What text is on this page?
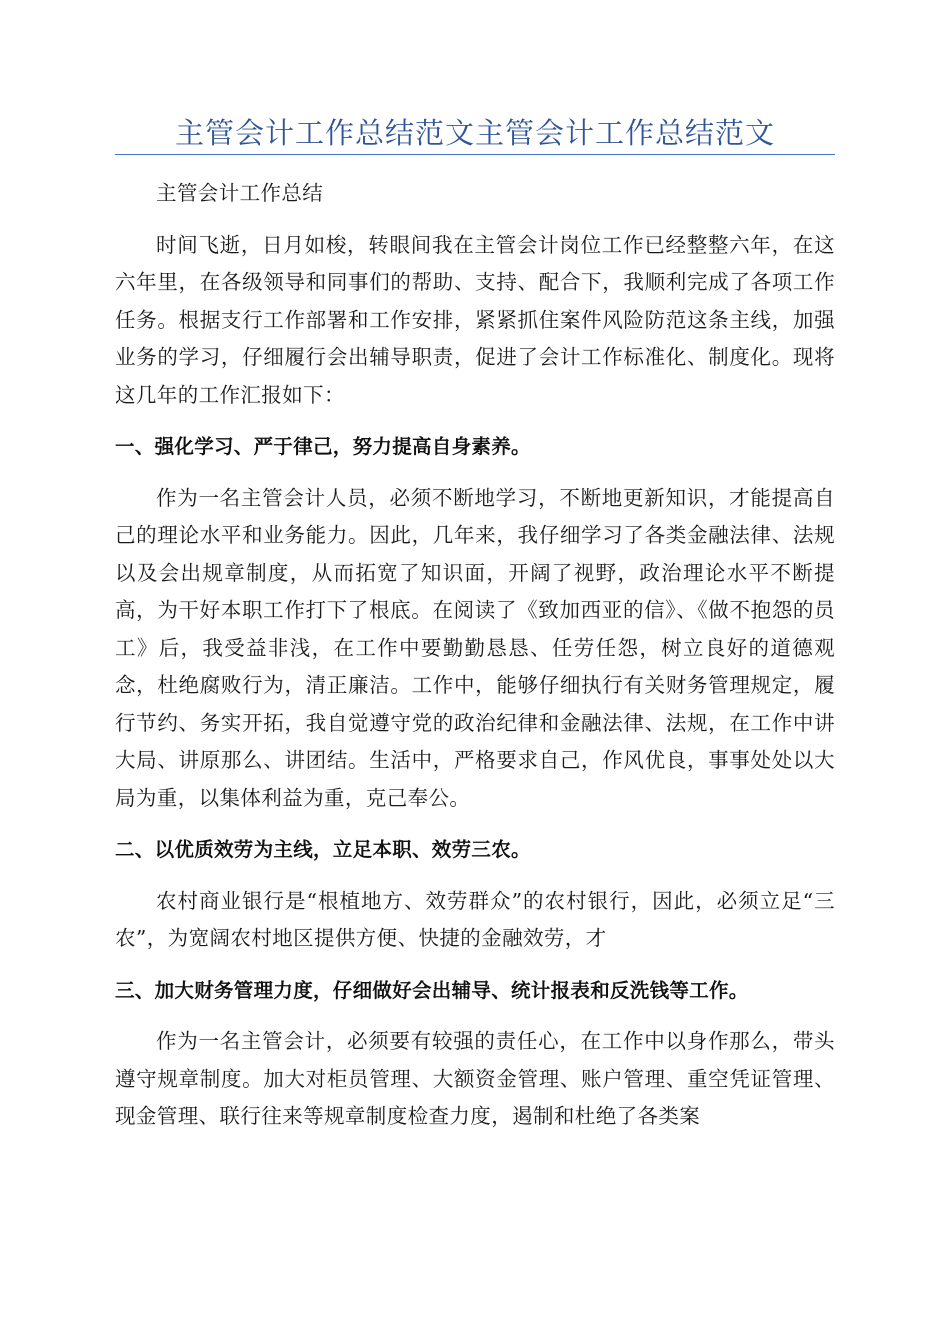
主管会计工作总结范文主管会计工作总结范文

主管会计工作总结

时间飞逝，日月如梭，转眼间我在主管会计岗位工作已经整整六年，在这六年里，在各级领导和同事们的帮助、支持、配合下，我顺利完成了各项工作任务。根据支行工作部署和工作安排，紧紧抓住案件风险防范这条主线，加强业务的学习，仔细履行会出辅导职责，促进了会计工作标准化、制度化。现将这几年的工作汇报如下：

一、强化学习、严于律己，努力提高自身素养。

作为一名主管会计人员，必须不断地学习，不断地更新知识，才能提高自己的理论水平和业务能力。因此，几年来，我仔细学习了各类金融法律、法规以及会出规章制度，从而拓宽了知识面，开阔了视野，政治理论水平不断提高，为干好本职工作打下了根底。在阅读了《致加西亚的信》、《做不抱怨的员工》后，我受益非浅，在工作中要勤勤恳恳、任劳任怨，树立良好的道德观念，杜绝腐败行为，清正廉洁。工作中，能够仔细执行有关财务管理规定，履行节约、务实开拓，我自觉遵守党的政治纪律和金融法律、法规，在工作中讲大局、讲原那么、讲团结。生活中，严格要求自己，作风优良，事事处处以大局为重，以集体利益为重，克己奉公。

二、以优质效劳为主线，立足本职、效劳三农。

农村商业银行是“根植地方、效劳群众”的农村银行，因此，必须立足“三农”，为宽阔农村地区提供方便、快捷的金融效劳，才

三、加大财务管理力度，仔细做好会出辅导、统计报表和反洗钱等工作。

作为一名主管会计，必须要有较强的责任心，在工作中以身作那么，带头遵守规章制度。加大对柜员管理、大额资金管理、账户管理、重空凭证管理、现金管理、联行往来等规章制度检查力度，遏制和杜绝了各类案
